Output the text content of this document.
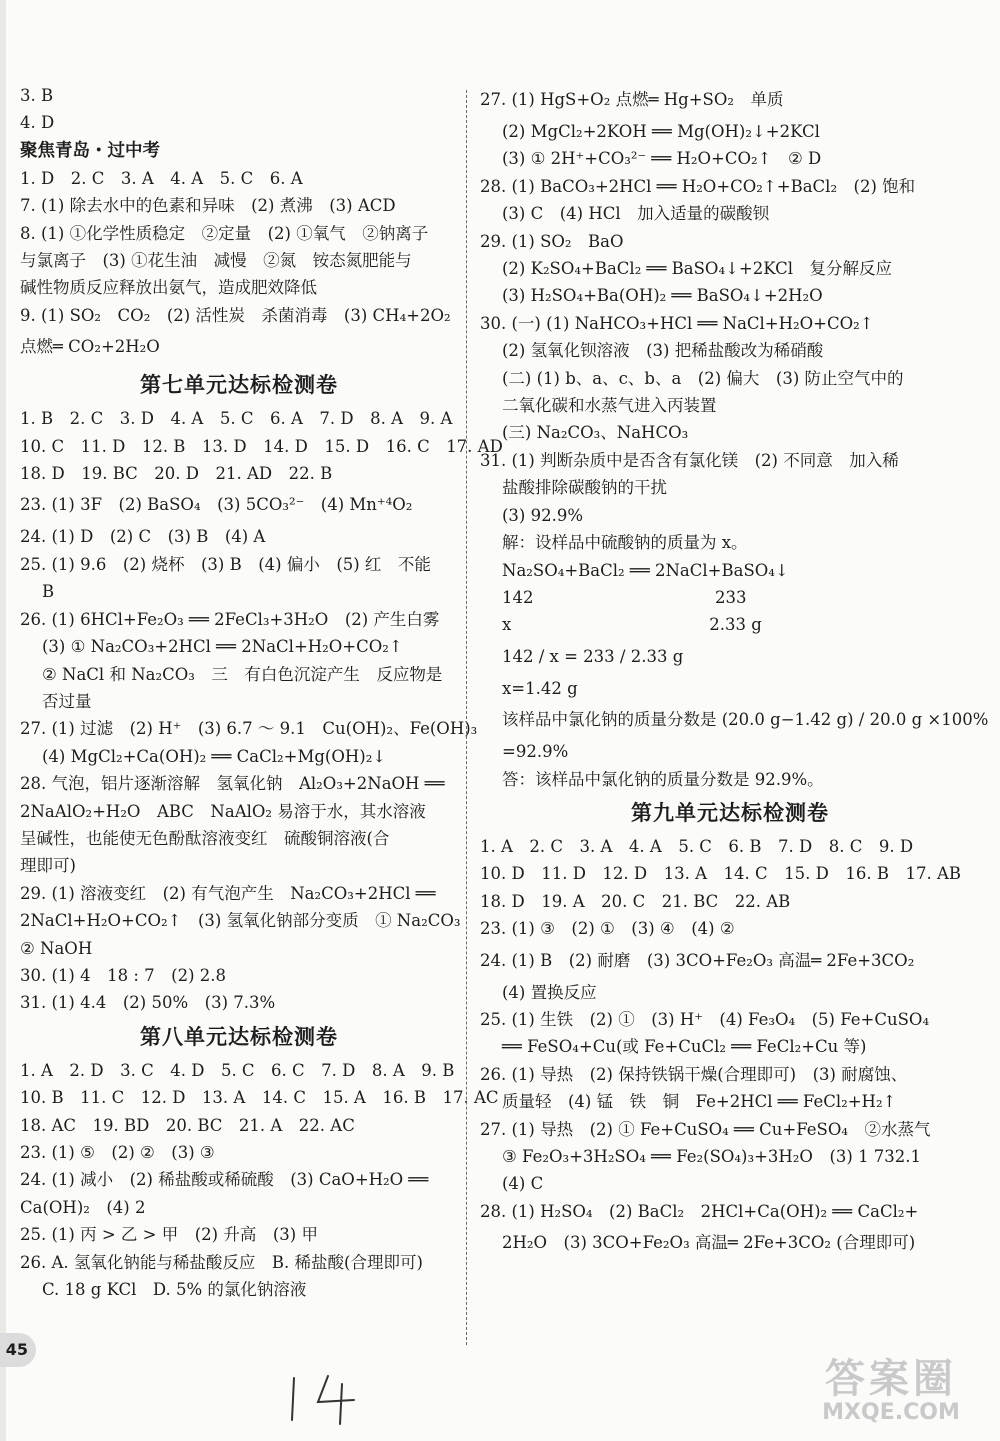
3. B
4. D
聚焦青岛・过中考
1. D　2. C　3. A　4. A　5. C　6. A
7. (1) 除去水中的色素和异味　(2) 煮沸　(3) ACD
8. (1) ①化学性质稳定　②定量　(2) ①氧气　②钠离子
与氯离子　(3) ①花生油　减慢　②氮　铵态氮肥能与
碱性物质反应释放出氨气，造成肥效降低
9. (1) SO₂　CO₂　(2) 活性炭　杀菌消毒　(3) CH₄+2O₂
点燃═ CO₂+2H₂O
第七单元达标检测卷
1. B　2. C　3. D　4. A　5. C　6. A　7. D　8. A　9. A
10. C　11. D　12. B　13. D　14. D　15. D　16. C　17. AD
18. D　19. BC　20. D　21. AD　22. B
23. (1) 3F　(2) BaSO₄　(3) 5CO₃²⁻　(4) Mn⁺⁴O₂
24. (1) D　(2) C　(3) B　(4) A
25. (1) 9.6　(2) 烧杯　(3) B　(4) 偏小　(5) 红　不能
B
26. (1) 6HCl+Fe₂O₃ ══ 2FeCl₃+3H₂O　(2) 产生白雾
(3) ① Na₂CO₃+2HCl ══ 2NaCl+H₂O+CO₂↑
② NaCl 和 Na₂CO₃　三　有白色沉淀产生　反应物是
否过量
27. (1) 过滤　(2) H⁺　(3) 6.7 ～ 9.1　Cu(OH)₂、Fe(OH)₃
(4) MgCl₂+Ca(OH)₂ ══ CaCl₂+Mg(OH)₂↓
28. 气泡，铝片逐渐溶解　氢氧化钠　Al₂O₃+2NaOH ══
2NaAlO₂+H₂O　ABC　NaAlO₂ 易溶于水，其水溶液
呈碱性，也能使无色酚酞溶液变红　硫酸铜溶液(合
理即可)
29. (1) 溶液变红　(2) 有气泡产生　Na₂CO₃+2HCl ══
2NaCl+H₂O+CO₂↑　(3) 氢氧化钠部分变质　① Na₂CO₃
② NaOH
30. (1) 4　18 : 7　(2) 2.8
31. (1) 4.4　(2) 50%　(3) 7.3%
第八单元达标检测卷
1. A　2. D　3. C　4. D　5. C　6. C　7. D　8. A　9. B
10. B　11. C　12. D　13. A　14. C　15. A　16. B　17. AC
18. AC　19. BD　20. BC　21. A　22. AC
23. (1) ⑤　(2) ②　(3) ③
24. (1) 减小　(2) 稀盐酸或稀硫酸　(3) CaO+H₂O ══
Ca(OH)₂　(4) 2
25. (1) 丙 > 乙 > 甲　(2) 升高　(3) 甲
26. A. 氢氧化钠能与稀盐酸反应　B. 稀盐酸(合理即可)
C. 18 g KCl　D. 5% 的氯化钠溶液
27. (1) HgS+O₂ 点燃═ Hg+SO₂　单质
(2) MgCl₂+2KOH ══ Mg(OH)₂↓+2KCl
(3) ① 2H⁺+CO₃²⁻ ══ H₂O+CO₂↑　② D
28. (1) BaCO₃+2HCl ══ H₂O+CO₂↑+BaCl₂　(2) 饱和
(3) C　(4) HCl　加入适量的碳酸钡
29. (1) SO₂　BaO
(2) K₂SO₄+BaCl₂ ══ BaSO₄↓+2KCl　复分解反应
(3) H₂SO₄+Ba(OH)₂ ══ BaSO₄↓+2H₂O
30. (一) (1) NaHCO₃+HCl ══ NaCl+H₂O+CO₂↑
(2) 氢氧化钡溶液　(3) 把稀盐酸改为稀硝酸
(二) (1) b、a、c、b、a　(2) 偏大　(3) 防止空气中的
二氧化碳和水蒸气进入丙装置
(三) Na₂CO₃、NaHCO₃
31. (1) 判断杂质中是否含有氯化镁　(2) 不同意　加入稀
盐酸排除碳酸钠的干扰
(3) 92.9%
解：设样品中硫酸钠的质量为 x。
Na₂SO₄+BaCl₂ ══ 2NaCl+BaSO₄↓
142　　　　　　　　　　　233
x　　　　　　　　　　　　2.33 g
142 / x = 233 / 2.33 g
x=1.42 g
该样品中氯化钠的质量分数是 (20.0 g−1.42 g) / 20.0 g ×100%
=92.9%
答：该样品中氯化钠的质量分数是 92.9%。
第九单元达标检测卷
1. A　2. C　3. A　4. A　5. C　6. B　7. D　8. C　9. D
10. D　11. D　12. D　13. A　14. C　15. D　16. B　17. AB
18. D　19. A　20. C　21. BC　22. AB
23. (1) ③　(2) ①　(3) ④　(4) ②
24. (1) B　(2) 耐磨　(3) 3CO+Fe₂O₃ 高温═ 2Fe+3CO₂
(4) 置换反应
25. (1) 生铁　(2) ①　(3) H⁺　(4) Fe₃O₄　(5) Fe+CuSO₄
══ FeSO₄+Cu(或 Fe+CuCl₂ ══ FeCl₂+Cu 等)
26. (1) 导热　(2) 保持铁锅干燥(合理即可)　(3) 耐腐蚀、
质量轻　(4) 锰　铁　铜　Fe+2HCl ══ FeCl₂+H₂↑
27. (1) 导热　(2) ① Fe+CuSO₄ ══ Cu+FeSO₄　②水蒸气
③ Fe₂O₃+3H₂SO₄ ══ Fe₂(SO₄)₃+3H₂O　(3) 1 732.1
(4) C
28. (1) H₂SO₄　(2) BaCl₂　2HCl+Ca(OH)₂ ══ CaCl₂+
2H₂O　(3) 3CO+Fe₂O₃ 高温═ 2Fe+3CO₂ (合理即可)
45
答案圈
MXQE.COM
